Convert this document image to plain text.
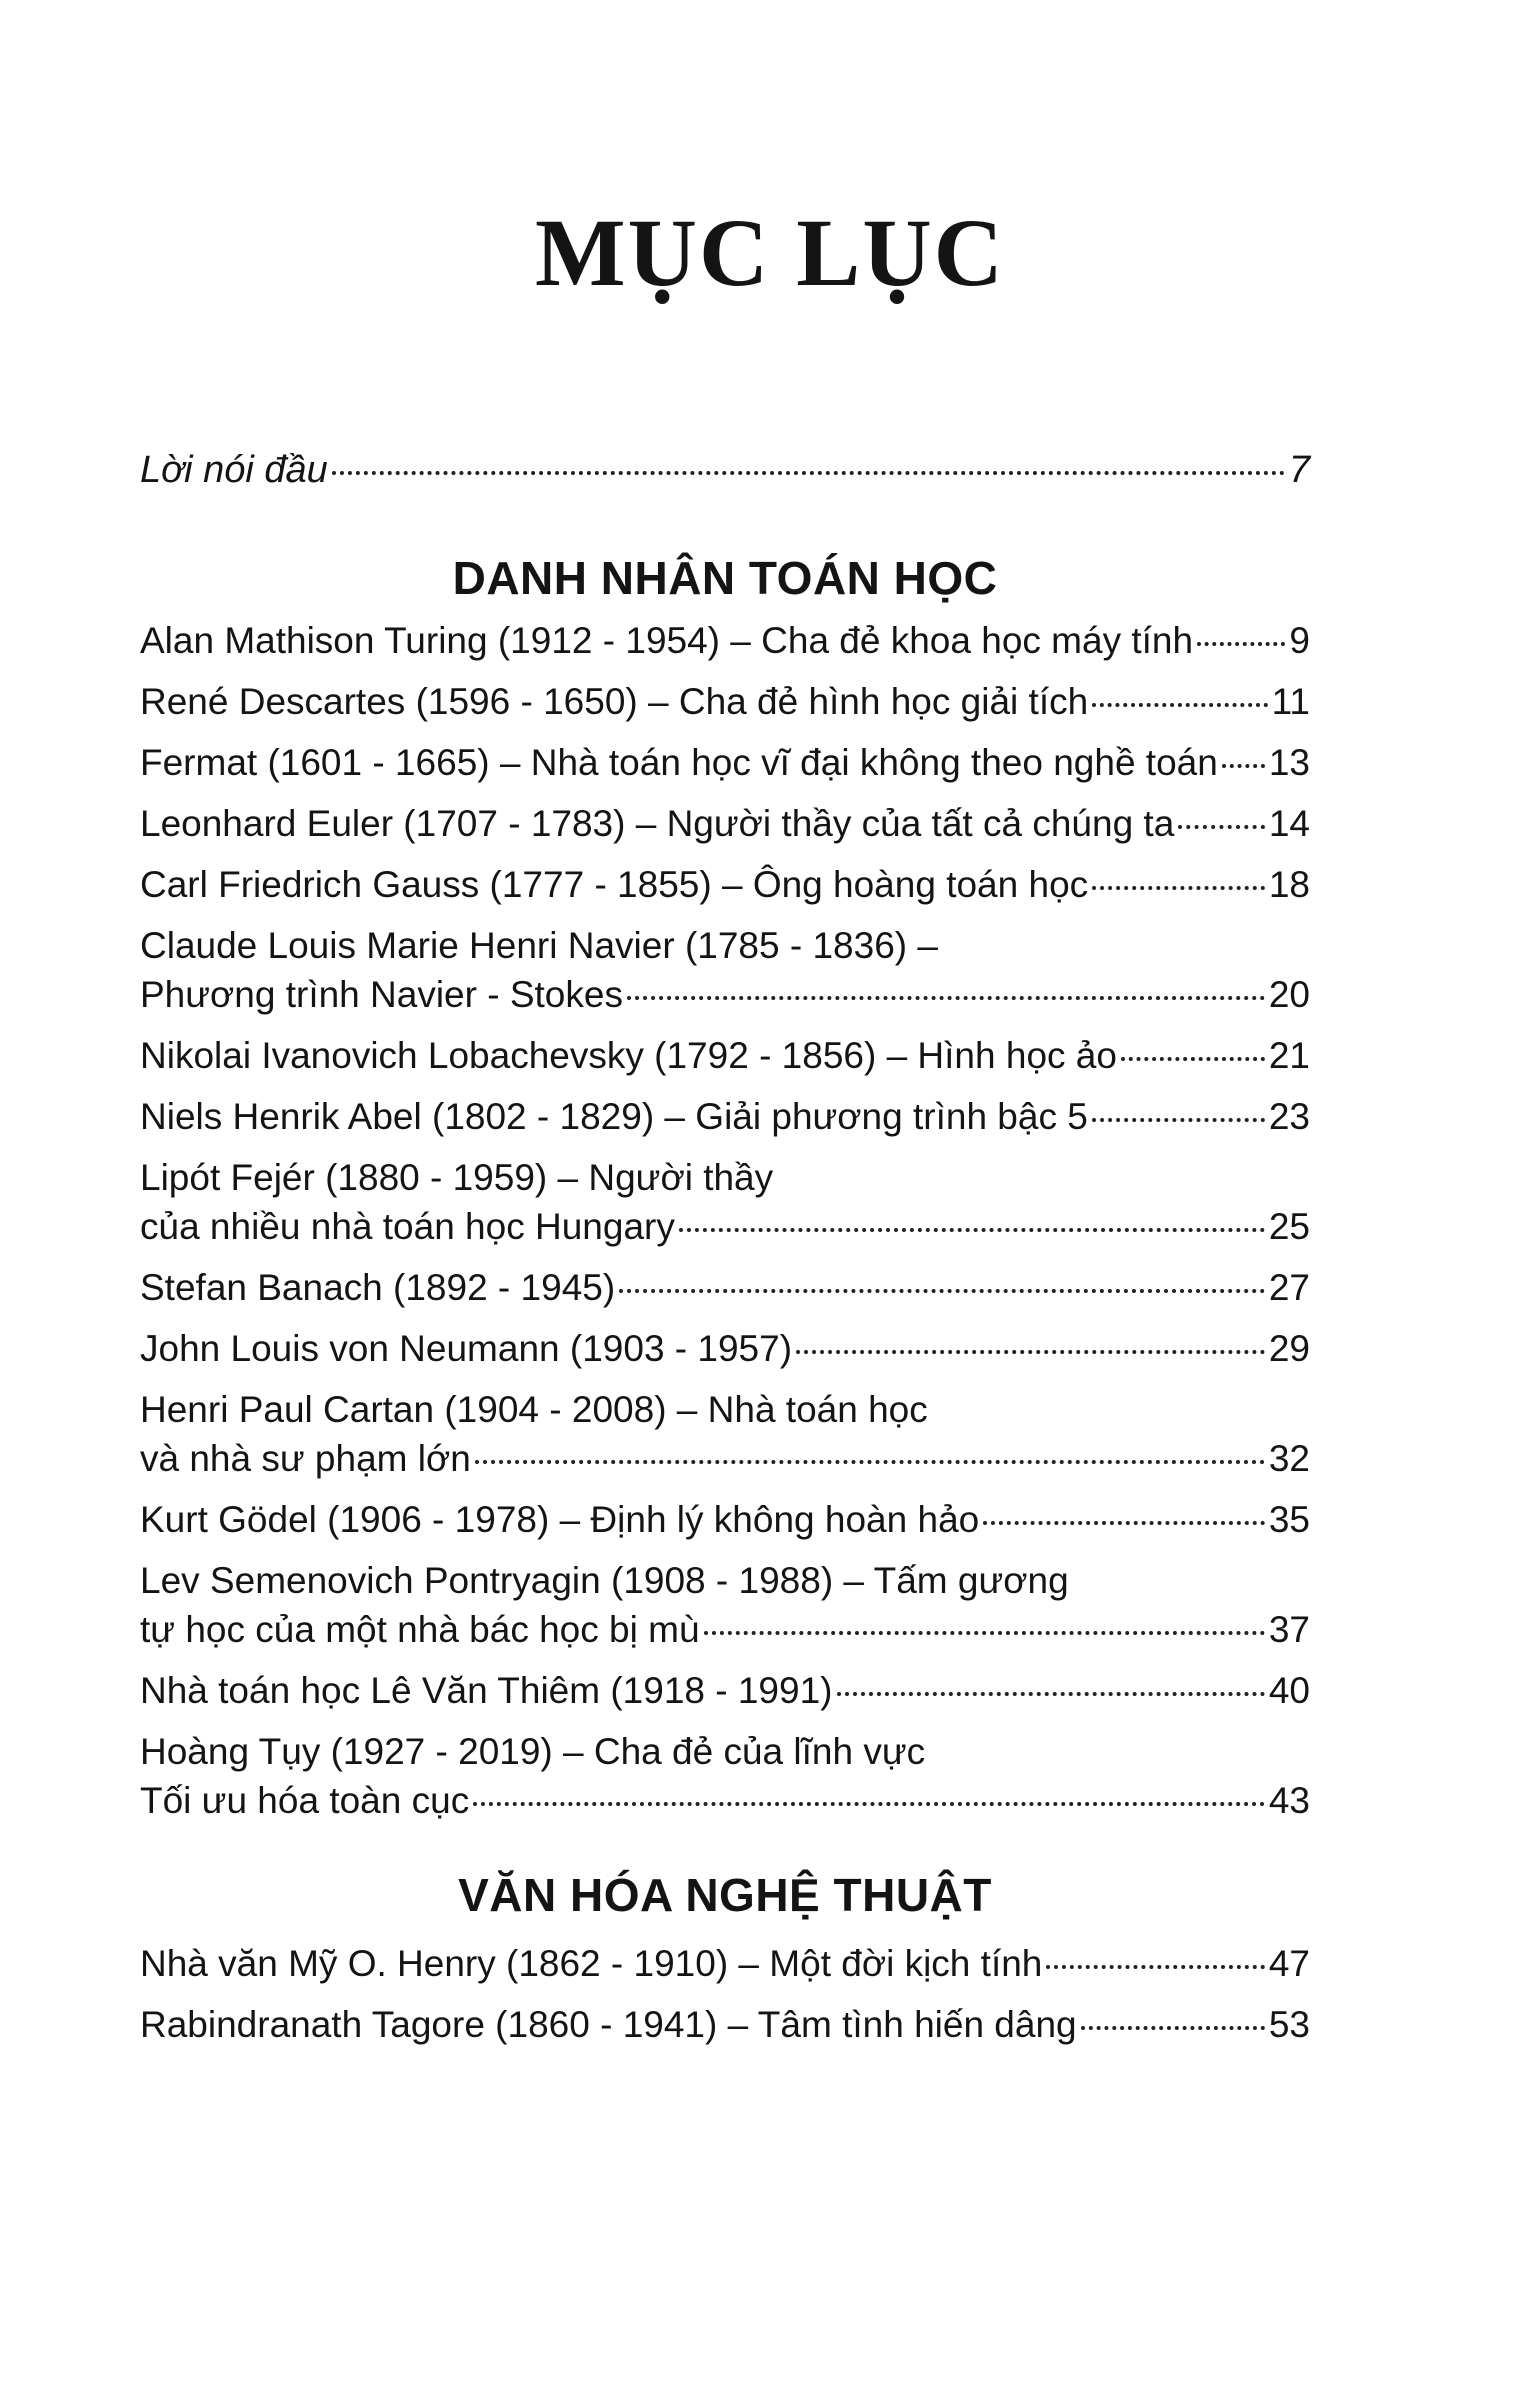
MỤC LỤC
Lời nói đầu	7
DANH NHÂN TOÁN HỌC
Alan Mathison Turing (1912 - 1954) – Cha đẻ khoa học máy tính	9
René Descartes (1596 - 1650) – Cha đẻ hình học giải tích	11
Fermat (1601 - 1665) – Nhà toán học vĩ đại không theo nghề toán 13
Leonhard Euler (1707 - 1783) – Người thầy của tất cả chúng ta	14
Carl Friedrich Gauss (1777 - 1855) – Ông hoàng toán học	18
Claude Louis Marie Henri Navier (1785 - 1836) –
Phương trình Navier - Stokes	20
Nikolai Ivanovich Lobachevsky (1792 - 1856) – Hình học ảo	21
Niels Henrik Abel (1802 - 1829) – Giải phương trình bậc 5	23
Lipót Fejér (1880 - 1959) – Người thầy
của nhiều nhà toán học Hungary	25
Stefan Banach (1892 - 1945)	27
John Louis von Neumann (1903 - 1957)	29
Henri Paul Cartan (1904 - 2008) – Nhà toán học
và nhà sư phạm lớn	32
Kurt Gödel (1906 - 1978) – Định lý không hoàn hảo	35
Lev Semenovich Pontryagin (1908 - 1988) – Tấm gương
tự học của một nhà bác học bị mù	37
Nhà toán học Lê Văn Thiêm (1918 - 1991)	40
Hoàng Tụy (1927 - 2019) – Cha đẻ của lĩnh vực
Tối ưu hóa toàn cục	43
VĂN HÓA NGHỆ THUẬT
Nhà văn Mỹ O. Henry (1862 - 1910) – Một đời kịch tính	47
Rabindranath Tagore (1860 - 1941) – Tâm tình hiến dâng	53
